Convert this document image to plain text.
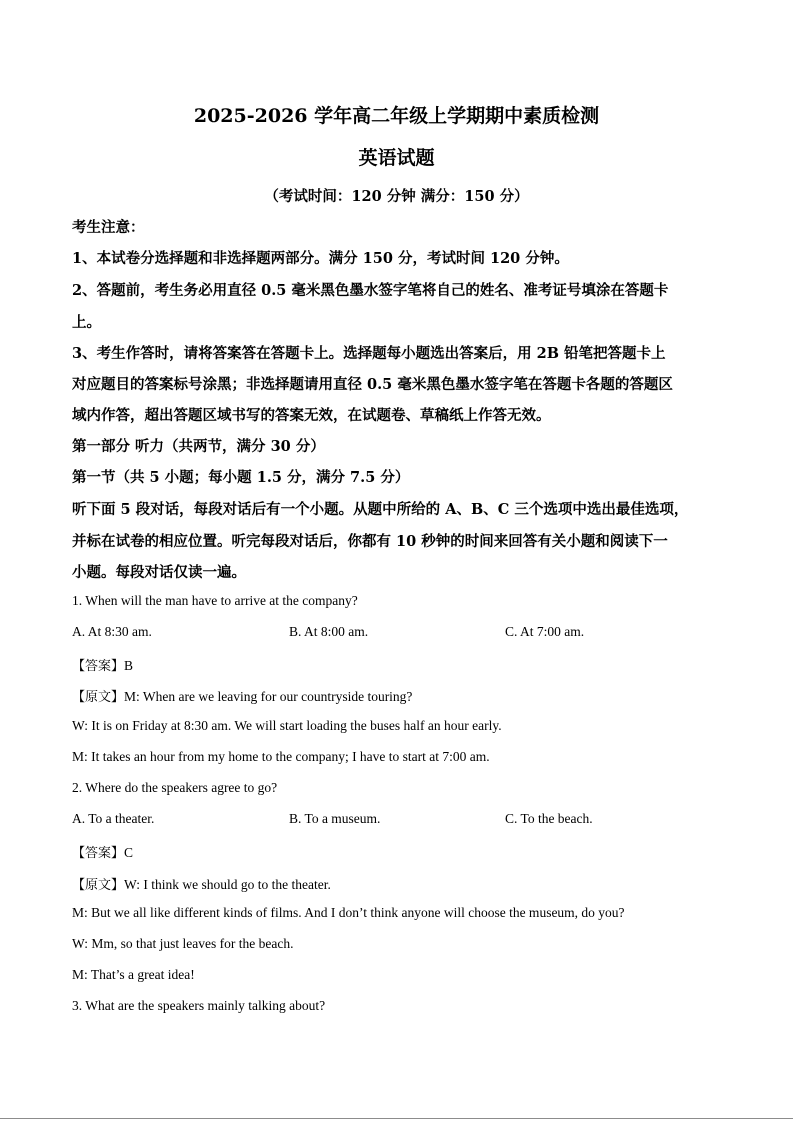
2025-2026 学年高二年级上学期期中素质检测
英语试题
（考试时间：120 分钟 满分：150 分）
考生注意：
1、本试卷分选择题和非选择题两部分。满分 150 分，考试时间 120 分钟。
2、答题前，考生务必用直径 0.5 毫米黑色墨水签字笔将自己的姓名、准考证号填涂在答题卡
上。
3、考生作答时，请将答案答在答题卡上。选择题每小题选出答案后，用 2B 铅笔把答题卡上
对应题目的答案标号涂黑；非选择题请用直径 0.5 毫米黑色墨水签字笔在答题卡各题的答题区
域内作答，超出答题区域书写的答案无效，在试题卷、草稿纸上作答无效。
第一部分 听力（共两节，满分 30 分）
第一节（共 5 小题；每小题 1.5 分，满分 7.5 分）
听下面 5 段对话，每段对话后有一个小题。从题中所给的 A、B、C 三个选项中选出最佳选项，
并标在试卷的相应位置。听完每段对话后，你都有 10 秒钟的时间来回答有关小题和阅读下一
小题。每段对话仅读一遍。
1. When will the man have to arrive at the company?
A. At 8:30 am.	B. At 8:00 am.	C. At 7:00 am.
【答案】B
【原文】M: When are we leaving for our countryside touring?
W: It is on Friday at 8:30 am. We will start loading the buses half an hour early.
M: It takes an hour from my home to the company; I have to start at 7:00 am.
2. Where do the speakers agree to go?
A. To a theater.	B. To a museum.	C. To the beach.
【答案】C
【原文】W: I think we should go to the theater.
M: But we all like different kinds of films. And I don’t think anyone will choose the museum, do you?
W: Mm, so that just leaves for the beach.
M: That’s a great idea!
3. What are the speakers mainly talking about?
